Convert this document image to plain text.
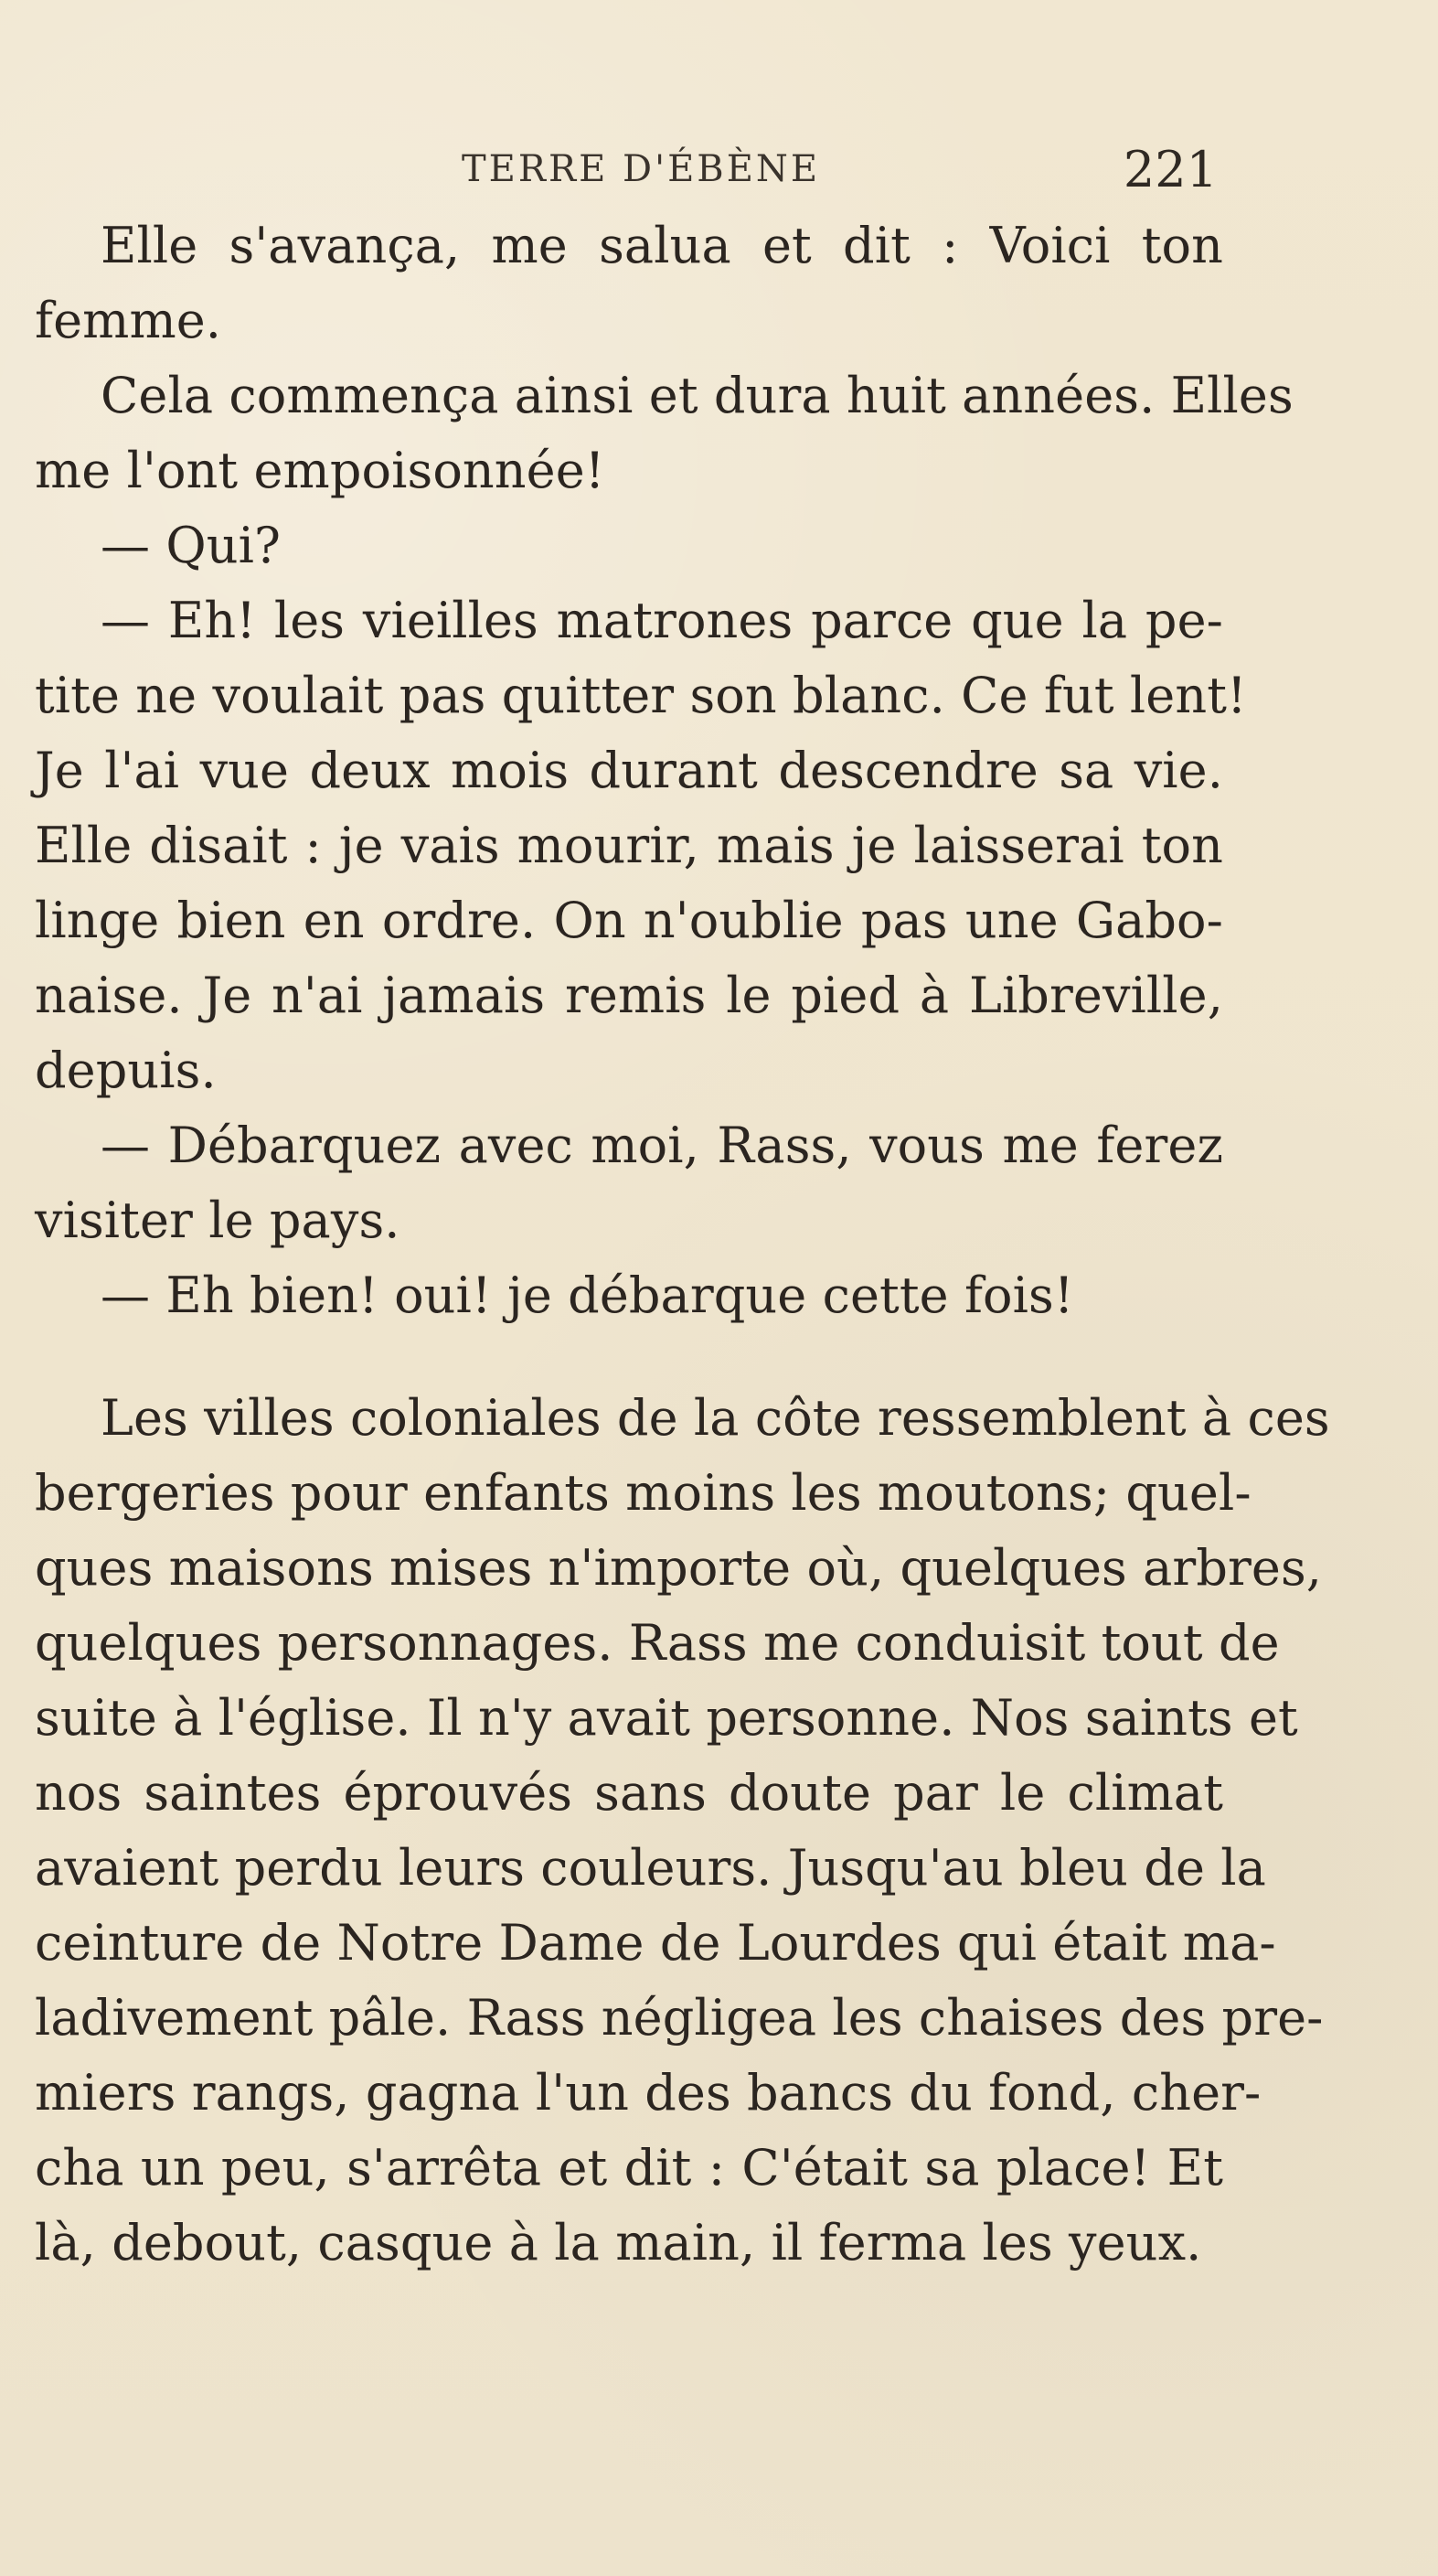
TERRE D'ÉBÈNE	221
Elle s'avança, me salua et dit : Voici ton
femme.
Cela commença ainsi et dura huit années. Elles
me l'ont empoisonnée!
— Qui?
— Eh! les vieilles matrones parce que la pe-
tite ne voulait pas quitter son blanc. Ce fut lent!
Je l'ai vue deux mois durant descendre sa vie.
Elle disait : je vais mourir, mais je laisserai ton
linge bien en ordre. On n'oublie pas une Gabo-
naise. Je n'ai jamais remis le pied à Libreville,
depuis.
— Débarquez avec moi, Rass, vous me ferez
visiter le pays.
— Eh bien! oui! je débarque cette fois!
Les villes coloniales de la côte ressemblent à ces
bergeries pour enfants moins les moutons; quel-
ques maisons mises n'importe où, quelques arbres,
quelques personnages. Rass me conduisit tout de
suite à l'église. Il n'y avait personne. Nos saints et
nos saintes éprouvés sans doute par le climat
avaient perdu leurs couleurs. Jusqu'au bleu de la
ceinture de Notre Dame de Lourdes qui était ma-
ladivement pâle. Rass négligea les chaises des pre-
miers rangs, gagna l'un des bancs du fond, cher-
cha un peu, s'arrêta et dit : C'était sa place! Et
là, debout, casque à la main, il ferma les yeux.
